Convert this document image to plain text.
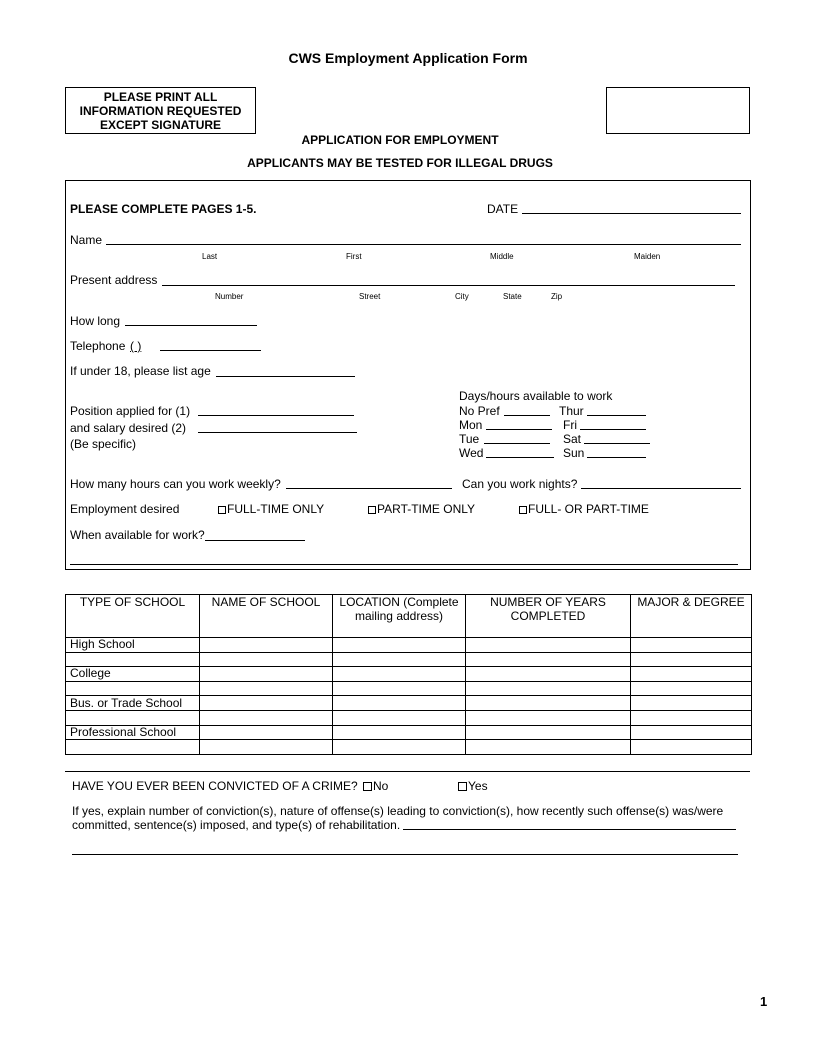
CWS Employment Application Form
PLEASE PRINT ALL
INFORMATION REQUESTED
EXCEPT SIGNATURE
APPLICATION FOR EMPLOYMENT
APPLICANTS MAY BE TESTED FOR ILLEGAL DRUGS
PLEASE COMPLETE PAGES 1-5.	DATE
Name
Last	First	Middle	Maiden
Present address
Number	Street	City	State	Zip
How long
Telephone ( )
If under 18, please list age
Days/hours available to work
Position applied for (1)
and salary desired (2)
(Be specific)
No Pref
Mon
Tue
Wed
Thur
Fri
Sat
Sun
How many hours can you work weekly?	Can you work nights?
Employment desired	FULL-TIME ONLY	PART-TIME ONLY	FULL- OR PART-TIME
When available for work?
TYPE OF SCHOOL	NAME OF SCHOOL	LOCATION (Complete mailing address)	NUMBER OF YEARS COMPLETED	MAJOR & DEGREE
High School				

College				

Bus. or Trade School				

Professional School				

HAVE YOU EVER BEEN CONVICTED OF A CRIME?	No	Yes
If yes, explain number of conviction(s), nature of offense(s) leading to conviction(s), how recently such offense(s) was/were
committed, sentence(s) imposed, and type(s) of rehabilitation.
1
